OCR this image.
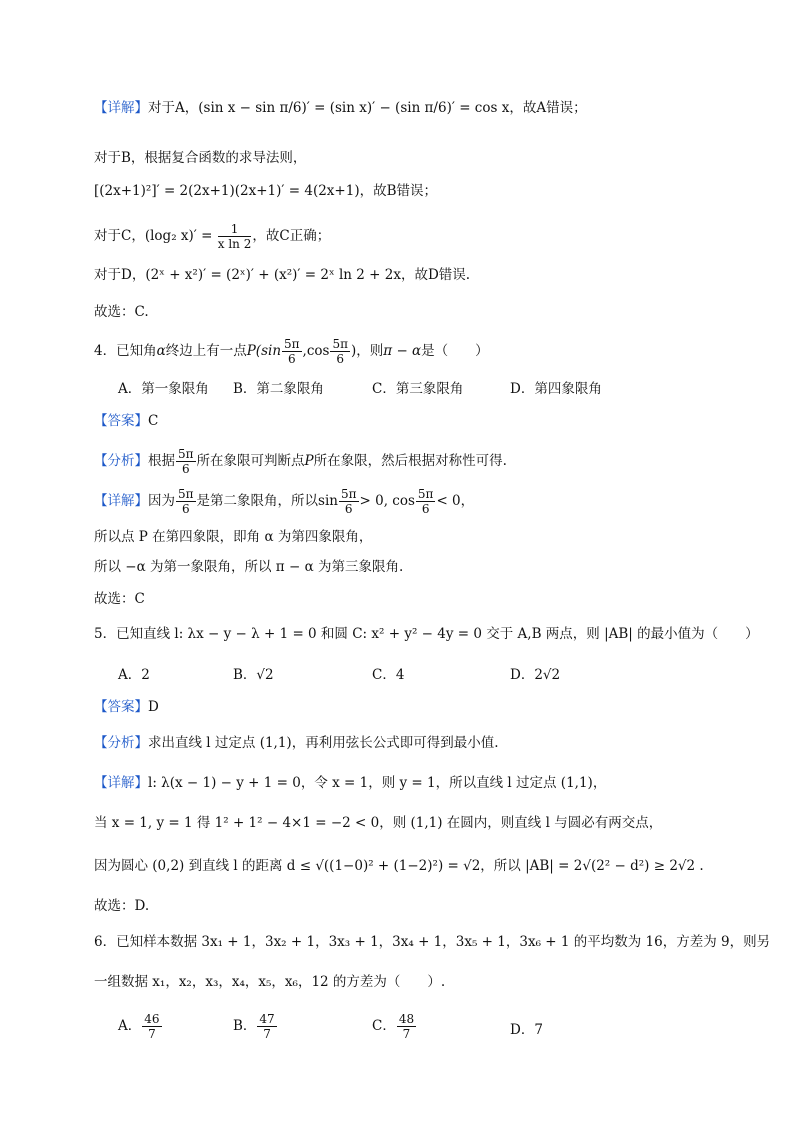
【详解】对于A，(sin x − sin π/6)′ = (sin x)′ − (sin π/6)′ = cos x，故A错误；
对于B，根据复合函数的求导法则，
[(2x+1)²]′ = 2(2x+1)(2x+1)′ = 4(2x+1)，故B错误；
对于C，(log₂ $x)' = \frac{1}{\text{x ln 2}}$ ，故C正确；
对于D，(2ˣ + x²)′ = (2ˣ)′ + (x²)′ = 2ˣ ln 2 + 2x，故D错误.
故选：C.
4．已知角α终边上有一点$P(\sin \frac{5\pi}{6} ,\cos \frac{5\pi}{6}$ )，则π − α是（　　）
A．第一象限角 B．第二象限角	C．第三象限角	D．第四象限角
【答案】C
【分析】根据 $\frac{5\pi}{6}$ 所在象限可判断点P所在象限，然后根据对称性可得.
【详解】因为 $\frac{5\pi}{6}$ 是第二象限角，所以$\sin \frac{5\pi}{6} > 0$, $\cos \frac{5\pi}{6} < 0$，
所以点 P 在第四象限，即角 α 为第四象限角，
所以 −α 为第一象限角，所以 π − α 为第三象限角.
故选：C
5．已知直线 l: λx − y − λ + 1 = 0 和圆 C: x² + y² − 4y = 0 交于 A,B 两点，则 |AB| 的最小值为（　　）
A．2	B．√2	C．4	D．2√2
【答案】D
【分析】求出直线 l 过定点 (1,1)，再利用弦长公式即可得到最小值.
【详解】l: λ(x − 1) − y + 1 = 0，令 x = 1，则 y = 1，所以直线 l 过定点 (1,1)，
当 x = 1, y = 1 得 1² + 1² − 4×1 = −2 < 0，则 (1,1) 在圆内，则直线 l 与圆必有两交点，
因为圆心 (0,2) 到直线 l 的距离 d ≤ √((1−0)² + (1−2)²) = √2，所以 |AB| = 2√(2² − d²) ≥ 2√2 .
故选：D.
6．已知样本数据 3x₁ + 1，3x₂ + 1，3x₃ + 1，3x₄ + 1，3x₅ + 1，3x₆ + 1 的平均数为 16，方差为 9，则另
一组数据 x₁，x₂，x₃，x₄，x₅，x₆，12 的方差为（　　）.
A． $\frac{46}{7}$	B． $\frac{47}{7}$	C． $\frac{48}{7}$	D．7
